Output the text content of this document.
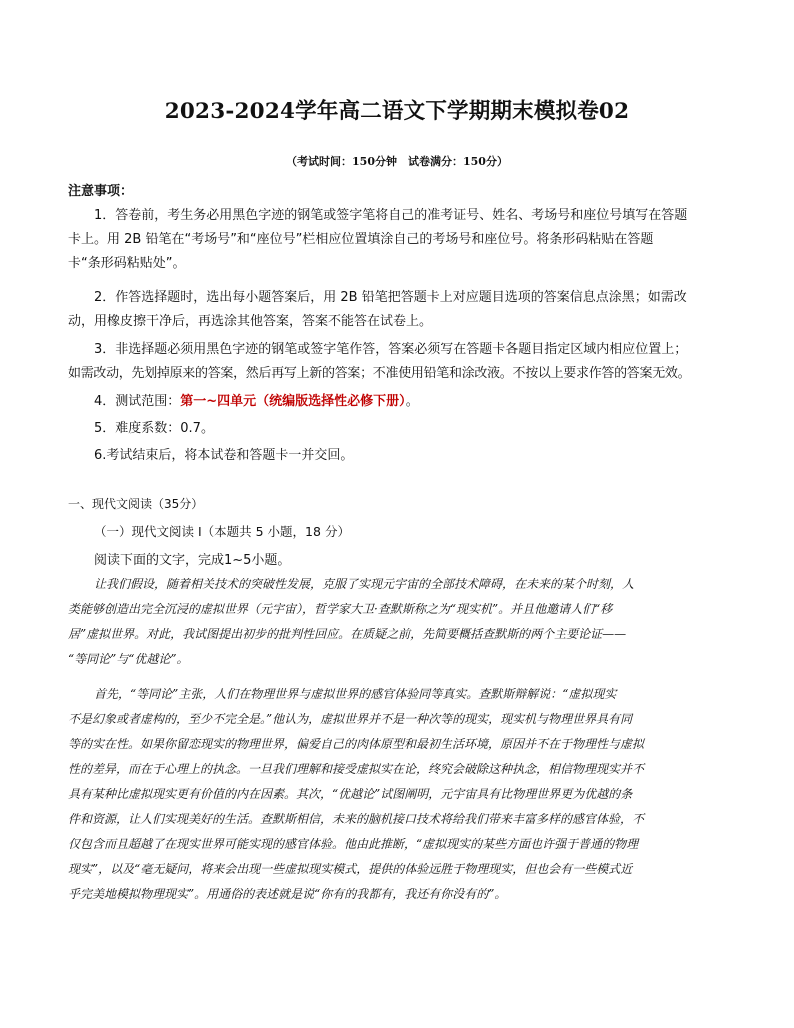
2023-2024学年高二语文下学期期末模拟卷02
（考试时间：150分钟　试卷满分：150分）
注意事项：
1．答卷前，考生务必用黑色字迹的钢笔或签字笔将自己的准考证号、姓名、考场号和座位号填写在答题
卡上。用 2B 铅笔在“考场号”和“座位号”栏相应位置填涂自己的考场号和座位号。将条形码粘贴在答题
卡“条形码粘贴处”。
2．作答选择题时，选出每小题答案后，用 2B 铅笔把答题卡上对应题目选项的答案信息点涂黑；如需改
动，用橡皮擦干净后，再选涂其他答案，答案不能答在试卷上。
3．非选择题必须用黑色字迹的钢笔或签字笔作答，答案必须写在答题卡各题目指定区域内相应位置上；
如需改动，先划掉原来的答案，然后再写上新的答案；不准使用铅笔和涂改液。不按以上要求作答的答案无效。
4．测试范围：第一~四单元（统编版选择性必修下册）。
5．难度系数：0.7。
6.考试结束后，将本试卷和答题卡一并交回。
一、现代文阅读（35分）
（一）现代文阅读 I（本题共 5 小题，18 分）
阅读下面的文字，完成1~5小题。
让我们假设，随着相关技术的突破性发展，克服了实现元宇宙的全部技术障碍，在未来的某个时刻，人
类能够创造出完全沉浸的虚拟世界（元宇宙），哲学家大卫·查默斯称之为“现实机”。并且他邀请人们“移
居”虚拟世界。对此，我试图提出初步的批判性回应。在质疑之前，先简要概括查默斯的两个主要论证——
“等同论”与“优越论”。
首先，“等同论”主张，人们在物理世界与虚拟世界的感官体验同等真实。查默斯辩解说：“虚拟现实
不是幻象或者虚构的，至少不完全是。”他认为，虚拟世界并不是一种次等的现实，现实机与物理世界具有同
等的实在性。如果你留恋现实的物理世界，偏爱自己的肉体原型和最初生活环境，原因并不在于物理性与虚拟
性的差异，而在于心理上的执念。一旦我们理解和接受虚拟实在论，终究会破除这种执念，相信物理现实并不
具有某种比虚拟现实更有价值的内在因素。其次，“优越论”试图阐明，元宇宙具有比物理世界更为优越的条
件和资源，让人们实现美好的生活。查默斯相信，未来的脑机接口技术将给我们带来丰富多样的感官体验，不
仅包含而且超越了在现实世界可能实现的感官体验。他由此推断，“虚拟现实的某些方面也许强于普通的物理
现实”，以及“毫无疑问，将来会出现一些虚拟现实模式，提供的体验远胜于物理现实，但也会有一些模式近
乎完美地模拟物理现实”。用通俗的表述就是说“你有的我都有，我还有你没有的”。
